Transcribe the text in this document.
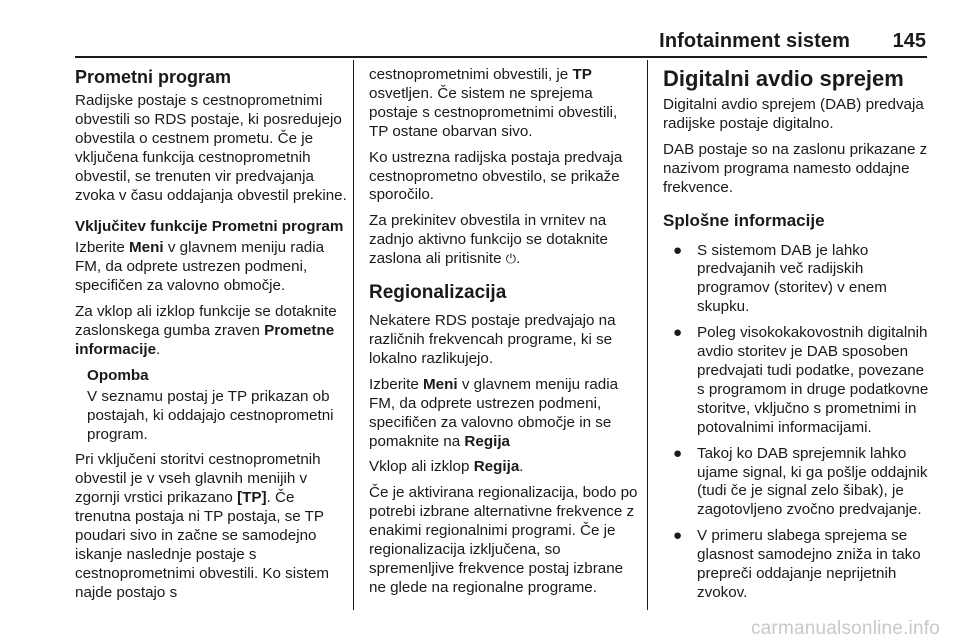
Infotainment sistem	145
Prometni program

Radijske postaje s cestnoprometnimi obvestili so RDS postaje, ki posredujejo obvestila o cestnem prometu. Če je vključena funkcija cestnoprometnih obvestil, se trenuten vir predvajanja zvoka v času oddajanja obvestil prekine.

Vključitev funkcije Prometni program

Izberite Meni v glavnem meniju radia FM, da odprete ustrezen podmeni, specifičen za valovno območje.

Za vklop ali izklop funkcije se dotaknite zaslonskega gumba zraven Prometne informacije.

Opomba
V seznamu postaj je TP prikazan ob postajah, ki oddajajo cestnoprometni program.

Pri vključeni storitvi cestnoprometnih obvestil je v vseh glavnih menijih v zgornji vrstici prikazano [TP]. Če trenutna postaja ni TP postaja, se TP poudari sivo in začne se samodejno iskanje naslednje postaje s cestnoprometnimi obvestili. Ko sistem najde postajo s

cestnoprometnimi obvestili, je TP osvetljen. Če sistem ne sprejema postaje s cestnoprometnimi obvestili, TP ostane obarvan sivo.

Ko ustrezna radijska postaja predvaja cestnoprometno obvestilo, se prikaže sporočilo.

Za prekinitev obvestila in vrnitev na zadnjo aktivno funkcijo se dotaknite zaslona ali pritisnite ⏻.

Regionalizacija

Nekatere RDS postaje predvajajo na različnih frekvencah programe, ki se lokalno razlikujejo.

Izberite Meni v glavnem meniju radia FM, da odprete ustrezen podmeni, specifičen za valovno območje in se pomaknite na Regija

Vklop ali izklop Regija.

Če je aktivirana regionalizacija, bodo po potrebi izbrane alternativne frekvence z enakimi regionalnimi programi. Če je regionalizacija izključena, so spremenljive frekvence postaj izbrane ne glede na regionalne programe.

Digitalni avdio sprejem

Digitalni avdio sprejem (DAB) predvaja radijske postaje digitalno.

DAB postaje so na zaslonu prikazane z nazivom programa namesto oddajne frekvence.

Splošne informacije
● S sistemom DAB je lahko predvajanih več radijskih programov (storitev) v enem skupku.
● Poleg visokokakovostnih digitalnih avdio storitev je DAB sposoben predvajati tudi podatke, povezane s programom in druge podatkovne storitve, vključno s prometnimi in potovalnimi informacijami.
● Takoj ko DAB sprejemnik lahko ujame signal, ki ga pošlje oddajnik (tudi če je signal zelo šibak), je zagotovljeno zvočno predvajanje.
● V primeru slabega sprejema se glasnost samodejno zniža in tako prepreči oddajanje neprijetnih zvokov.
carmanualsonline.info
